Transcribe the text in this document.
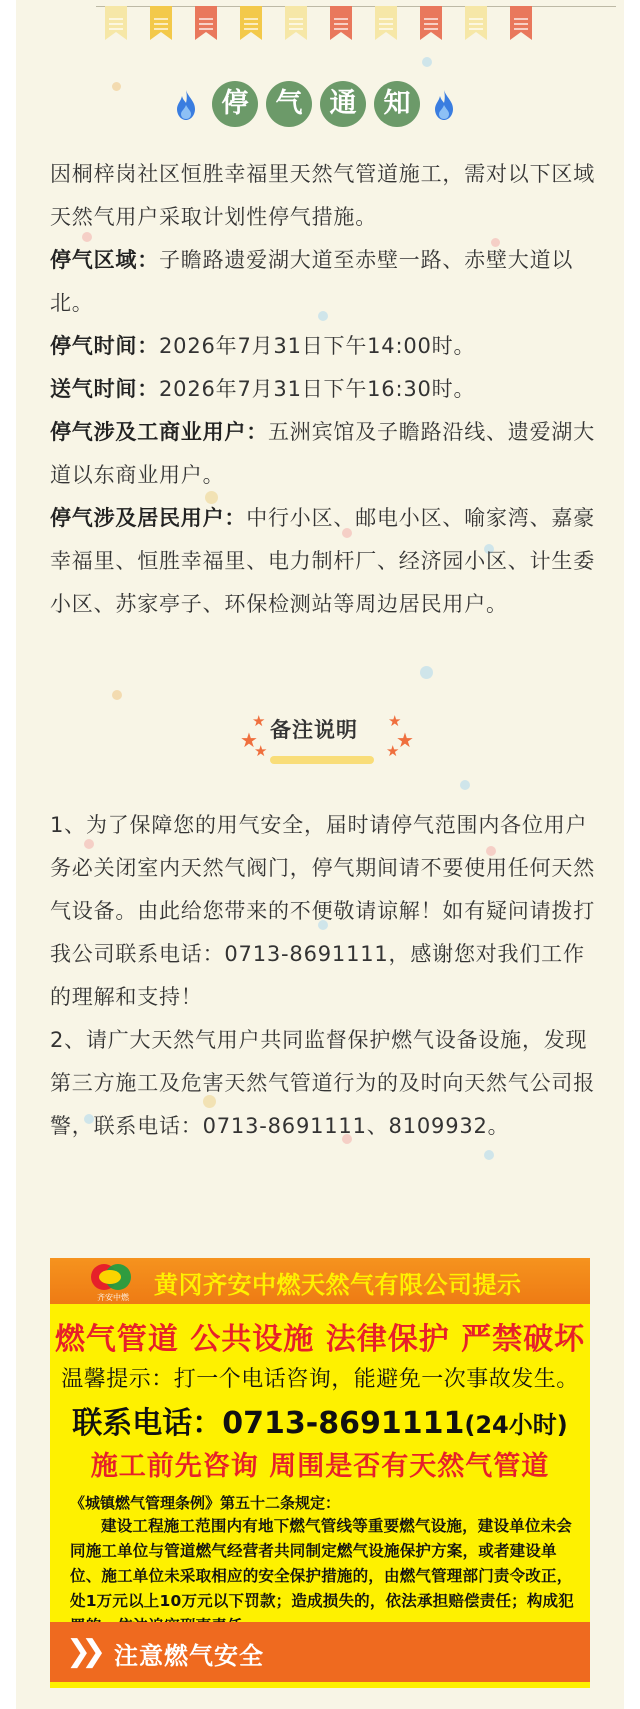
停	气	通	知
因桐梓岗社区恒胜幸福里天然气管道施工，需对以下区域天然气用户采取计划性停气措施。
停气区域：子瞻路遗爱湖大道至赤壁一路、赤壁大道以北。
停气时间：2026年7月31日下午14:00时。
送气时间：2026年7月31日下午16:30时。
停气涉及工商业用户：五洲宾馆及子瞻路沿线、遗爱湖大道以东商业用户。
停气涉及居民用户：中行小区、邮电小区、喻家湾、嘉豪幸福里、恒胜幸福里、电力制杆厂、经济园小区、计生委小区、苏家亭子、环保检测站等周边居民用户。
★
★
★
备注说明 ★
★
★
1、为了保障您的用气安全，届时请停气范围内各位用户务必关闭室内天然气阀门，停气期间请不要使用任何天然气设备。由此给您带来的不便敬请谅解！如有疑问请拨打我公司联系电话：0713-8691111，感谢您对我们工作的理解和支持！
2、请广大天然气用户共同监督保护燃气设备设施，发现第三方施工及危害天然气管道行为的及时向天然气公司报警，联系电话：0713-8691111、8109932。
齐安中燃	黄冈齐安中燃天然气有限公司提示
燃气管道 公共设施 法律保护 严禁破坏
温馨提示：打一个电话咨询，能避免一次事故发生。
联系电话：0713-8691111(24小时)
施工前先咨询 周围是否有天然气管道
《城镇燃气管理条例》第五十二条规定：
建设工程施工范围内有地下燃气管线等重要燃气设施，建设单位未会同施工单位与管道燃气经营者共同制定燃气设施保护方案，或者建设单位、施工单位未采取相应的安全保护措施的，由燃气管理部门责令改正，处1万元以上10万元以下罚款；造成损失的，依法承担赔偿责任；构成犯
❯❯ 注意燃气安全
